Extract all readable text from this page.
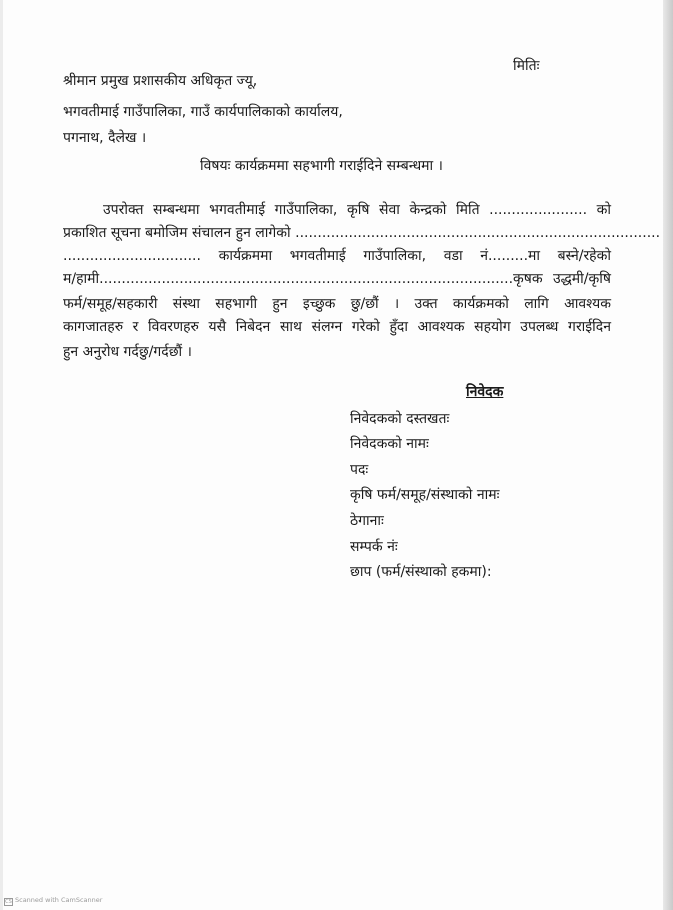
मितिः
श्रीमान प्रमुख प्रशासकीय अधिकृत ज्यू,
भगवतीमाई गाउँपालिका, गाउँ कार्यपालिकाको कार्यालय,
पगनाथ, दैलेख ।
विषयः कार्यक्रममा सहभागी गराईदिने सम्बन्धमा ।
उपरोक्त सम्बन्धमा भगवतीमाई गाउँपालिका, कृषि सेवा केन्द्रको मिति ...................... को
प्रकाशित सूचना बमोजिम संचालन हुन लागेको ..................................................................................
............................... कार्यक्रममा भगवतीमाई गाउँपालिका, वडा नं.........मा बस्ने/रहेको
म/हामी.............................................................................................कृषक उद्धमी/कृषि
फर्म/समूह/सहकारी संस्था सहभागी हुन इच्छुक छु/छौं । उक्त कार्यक्रमको लागि आवश्यक
कागजातहरु र विवरणहरु यसै निबेदन साथ संलग्न गरेको हुँदा आवश्यक सहयोग उपलब्ध गराईदिन
हुन अनुरोध गर्दछु/गर्दछौं ।
निवेदक
निवेदकको दस्तखतः
निवेदकको नामः
पदः
कृषि फर्म/समूह/संस्थाको नामः
ठेगानाः
सम्पर्क नंः
छाप (फर्म/संस्थाको हकमा):
CS Scanned with CamScanner
